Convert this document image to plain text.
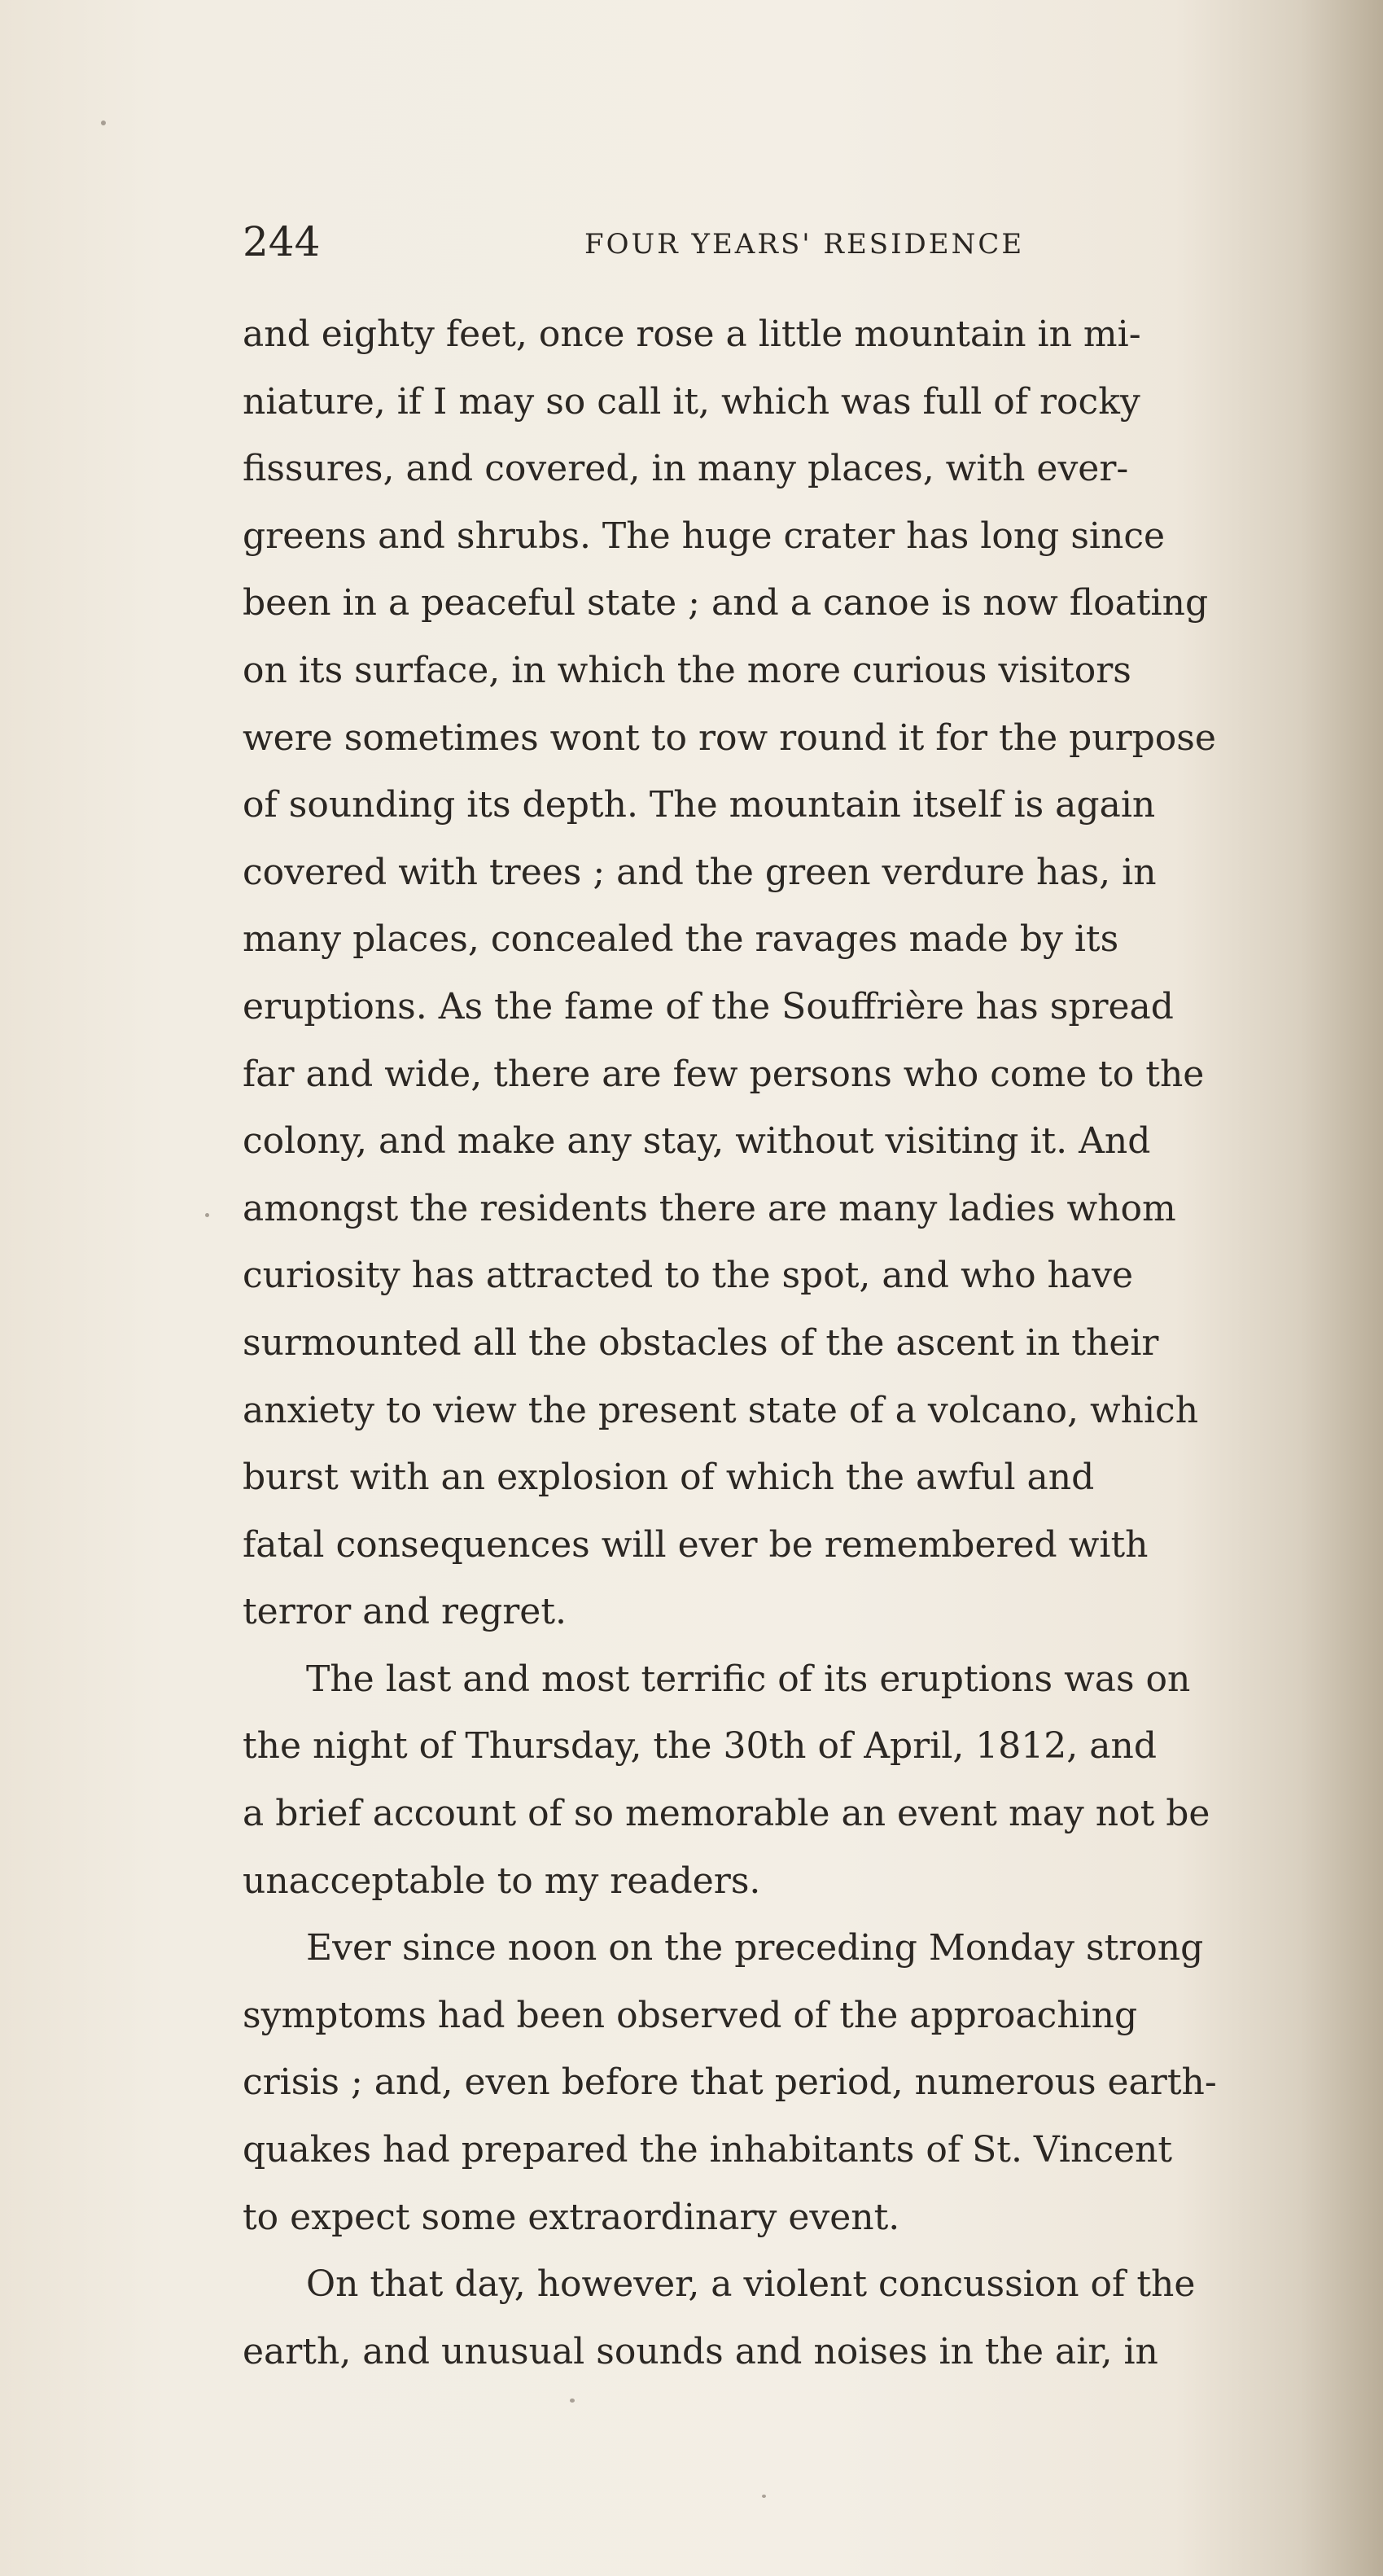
244	FOUR YEARS' RESIDENCE
and eighty feet, once rose a little mountain in mi-
niature, if I may so call it, which was full of rocky
fissures, and covered, in many places, with ever-
greens and shrubs. The huge crater has long since
been in a peaceful state ; and a canoe is now floating
on its surface, in which the more curious visitors
were sometimes wont to row round it for the purpose
of sounding its depth. The mountain itself is again
covered with trees ; and the green verdure has, in
many places, concealed the ravages made by its
eruptions. As the fame of the Souffrière has spread
far and wide, there are few persons who come to the
colony, and make any stay, without visiting it. And
amongst the residents there are many ladies whom
curiosity has attracted to the spot, and who have
surmounted all the obstacles of the ascent in their
anxiety to view the present state of a volcano, which
burst with an explosion of which the awful and
fatal consequences will ever be remembered with
terror and regret.
The last and most terrific of its eruptions was on
the night of Thursday, the 30th of April, 1812, and
a brief account of so memorable an event may not be
unacceptable to my readers.
Ever since noon on the preceding Monday strong
symptoms had been observed of the approaching
crisis ; and, even before that period, numerous earth-
quakes had prepared the inhabitants of St. Vincent
to expect some extraordinary event.
On that day, however, a violent concussion of the
earth, and unusual sounds and noises in the air, in
